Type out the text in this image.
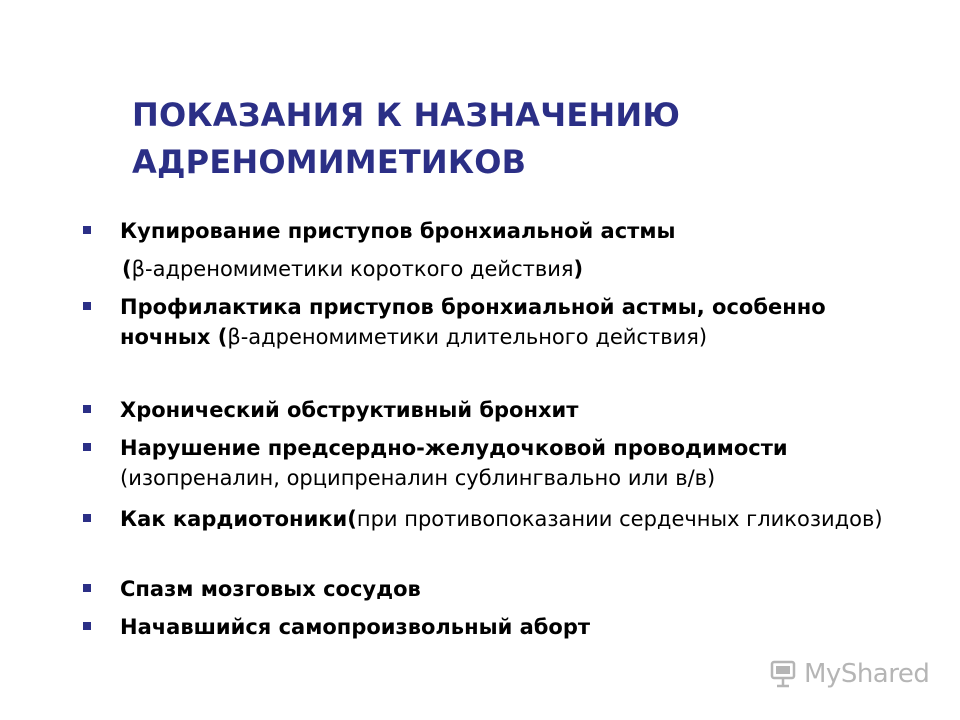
ПОКАЗАНИЯ К НАЗНАЧЕНИЮ
АДРЕНОМИМЕТИКОВ
Купирование приступов бронхиальной астмы
Профилактика приступов бронхиальной астмы, особенно ночных (β-адреномиметики длительного действия)
Хронический обструктивный бронхит
Нарушение предсердно-желудочковой проводимости
(изопреналин, орципреналин сублингвально или в/в)
Как кардиотоники(при противопоказании сердечных гликозидов)
Спазм мозговых сосудов
Начавшийся самопроизвольный аборт
(β-адреномиметики короткого действия)
MyShared
